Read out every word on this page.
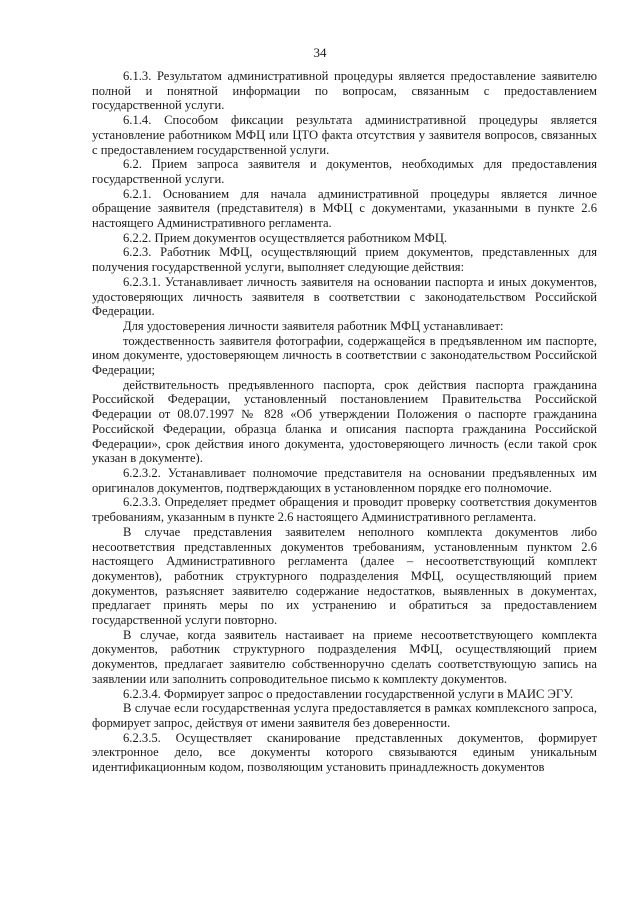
34

6.1.3. Результатом административной процедуры является предоставление заявителю полной и понятной информации по вопросам, связанным с предоставлением государственной услуги.

6.1.4. Способом фиксации результата административной процедуры является установление работником МФЦ или ЦТО факта отсутствия у заявителя вопросов, связанных с предоставлением государственной услуги.

6.2. Прием запроса заявителя и документов, необходимых для предоставления государственной услуги.

6.2.1. Основанием для начала административной процедуры является личное обращение заявителя (представителя) в МФЦ с документами, указанными в пункте 2.6 настоящего Административного регламента.

6.2.2. Прием документов осуществляется работником МФЦ.

6.2.3. Работник МФЦ, осуществляющий прием документов, представленных для получения государственной услуги, выполняет следующие действия:

6.2.3.1. Устанавливает личность заявителя на основании паспорта и иных документов, удостоверяющих личность заявителя в соответствии с законодательством Российской Федерации.

Для удостоверения личности заявителя работник МФЦ устанавливает:

тождественность заявителя фотографии, содержащейся в предъявленном им паспорте, ином документе, удостоверяющем личность в соответствии с законодательством Российской Федерации;

действительность предъявленного паспорта, срок действия паспорта гражданина Российской Федерации, установленный постановлением Правительства Российской Федерации от 08.07.1997 № 828 «Об утверждении Положения о паспорте гражданина Российской Федерации, образца бланка и описания паспорта гражданина Российской Федерации», срок действия иного документа, удостоверяющего личность (если такой срок указан в документе).

6.2.3.2. Устанавливает полномочие представителя на основании предъявленных им оригиналов документов, подтверждающих в установленном порядке его полномочие.

6.2.3.3. Определяет предмет обращения и проводит проверку соответствия документов требованиям, указанным в пункте 2.6 настоящего Административного регламента.

В случае представления заявителем неполного комплекта документов либо несоответствия представленных документов требованиям, установленным пунктом 2.6 настоящего Административного регламента (далее – несоответствующий комплект документов), работник структурного подразделения МФЦ, осуществляющий прием документов, разъясняет заявителю содержание недостатков, выявленных в документах, предлагает принять меры по их устранению и обратиться за предоставлением государственной услуги повторно.

В случае, когда заявитель настаивает на приеме несоответствующего комплекта документов, работник структурного подразделения МФЦ, осуществляющий прием документов, предлагает заявителю собственноручно сделать соответствующую запись на заявлении или заполнить сопроводительное письмо к комплекту документов.

6.2.3.4. Формирует запрос о предоставлении государственной услуги в МАИС ЭГУ.

В случае если государственная услуга предоставляется в рамках комплексного запроса, формирует запрос, действуя от имени заявителя без доверенности.

6.2.3.5. Осуществляет сканирование представленных документов, формирует электронное дело, все документы которого связываются единым уникальным идентификационным кодом, позволяющим установить принадлежность документов
